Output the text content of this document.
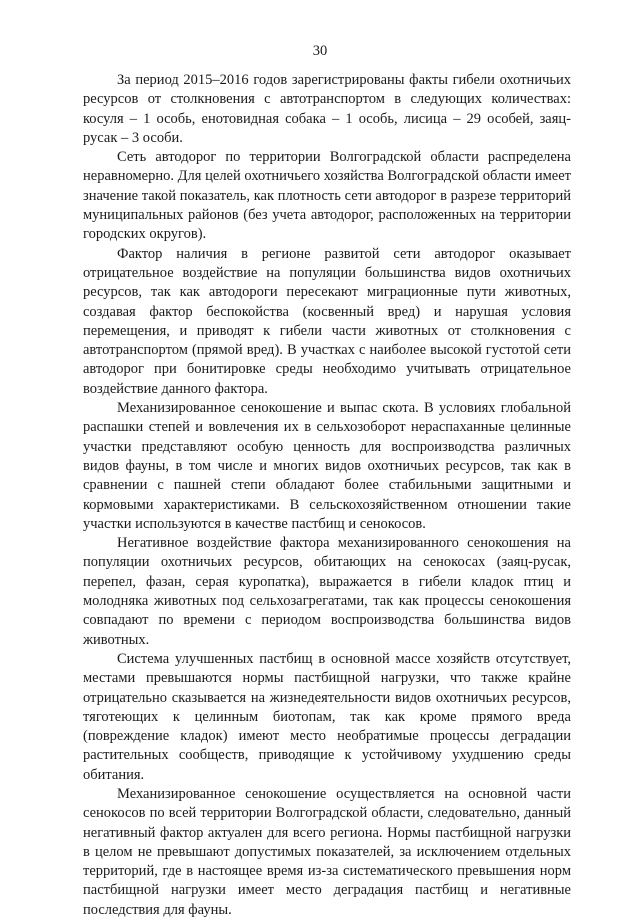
30

За период 2015–2016 годов зарегистрированы факты гибели охотничьих ресурсов от столкновения с автотранспортом в следующих количествах: косуля – 1 особь, енотовидная собака – 1 особь, лисица – 29 особей, заяц-русак – 3 особи.

Сеть автодорог по территории Волгоградской области распределена неравномерно. Для целей охотничьего хозяйства Волгоградской области имеет значение такой показатель, как плотность сети автодорог в разрезе территорий муниципальных районов (без учета автодорог, расположенных на территории городских округов).

Фактор наличия в регионе развитой сети автодорог оказывает отрицательное воздействие на популяции большинства видов охотничьих ресурсов, так как автодороги пересекают миграционные пути животных, создавая фактор беспокойства (косвенный вред) и нарушая условия перемещения, и приводят к гибели части животных от столкновения с автотранспортом (прямой вред). В участках с наиболее высокой густотой сети автодорог при бонитировке среды необходимо учитывать отрицательное воздействие данного фактора.

Механизированное сенокошение и выпас скота. В условиях глобальной распашки степей и вовлечения их в сельхозоборот нераспаханные целинные участки представляют особую ценность для воспроизводства различных видов фауны, в том числе и многих видов охотничьих ресурсов, так как в сравнении с пашней степи обладают более стабильными защитными и кормовыми характеристиками. В сельскохозяйственном отношении такие участки используются в качестве пастбищ и сенокосов.

Негативное воздействие фактора механизированного сенокошения на популяции охотничьих ресурсов, обитающих на сенокосах (заяц-русак, перепел, фазан, серая куропатка), выражается в гибели кладок птиц и молодняка животных под сельхозагрегатами, так как процессы сенокошения совпадают по времени с периодом воспроизводства большинства видов животных.

Система улучшенных пастбищ в основной массе хозяйств отсутствует, местами превышаются нормы пастбищной нагрузки, что также крайне отрицательно сказывается на жизнедеятельности видов охотничьих ресурсов, тяготеющих к целинным биотопам, так как кроме прямого вреда (повреждение кладок) имеют место необратимые процессы деградации растительных сообществ, приводящие к устойчивому ухудшению среды обитания.

Механизированное сенокошение осуществляется на основной части сенокосов по всей территории Волгоградской области, следовательно, данный негативный фактор актуален для всего региона. Нормы пастбищной нагрузки в целом не превышают допустимых показателей, за исключением отдельных территорий, где в настоящее время из-за систематического превышения норм пастбищной нагрузки имеет место деградация пастбищ и негативные последствия для фауны.
